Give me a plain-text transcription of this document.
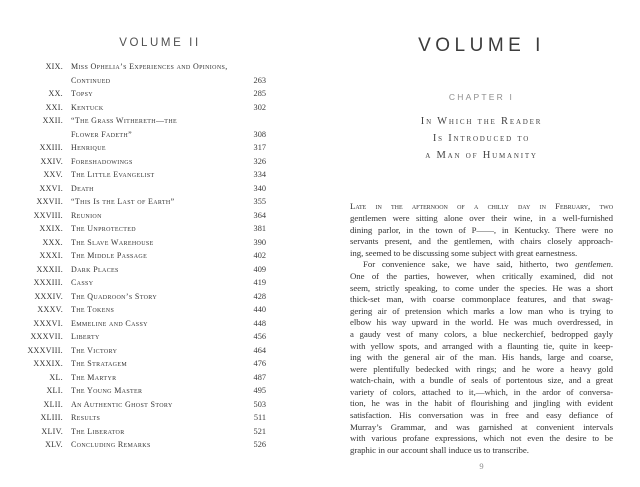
VOLUME II
XIX. Miss Ophelia’s Experiences and Opinions,
Continued	263
XX. Topsy	285
XXI. Kentuck	302
XXII. “The Grass Withereth—the
Flower Fadeth”	308
XXIII. Henrique	317
XXIV. Foreshadowings	326
XXV. The Little Evangelist	334
XXVI. Death	340
XXVII. “This Is the Last of Earth”	355
XXVIII. Reunion	364
XXIX. The Unprotected	381
XXX. The Slave Warehouse	390
XXXI. The Middle Passage	402
XXXII. Dark Places	409
XXXIII. Cassy	419
XXXIV. The Quadroon’s Story	428
XXXV. The Tokens	440
XXXVI. Emmeline and Cassy	448
XXXVII. Liberty	456
XXXVIII. The Victory	464
XXXIX. The Stratagem	476
XL. The Martyr	487
XLI. The Young Master	495
XLII. An Authentic Ghost Story	503
XLIII. Results	511
XLIV. The Liberator	521
XLV. Concluding Remarks	526
VOLUME I
CHAPTER I
In Which the Reader
Is Introduced to
a Man of Humanity
Late in the afternoon of a chilly day in February, two
gentlemen were sitting alone over their wine, in a well-furnished
dining parlor, in the town of P——, in Kentucky. There were no
servants present, and the gentlemen, with chairs closely approach-
ing, seemed to be discussing some subject with great earnestness.
For convenience sake, we have said, hitherto, two gentlemen.
One of the parties, however, when critically examined, did not
seem, strictly speaking, to come under the species. He was a short
thick-set man, with coarse commonplace features, and that swag-
gering air of pretension which marks a low man who is trying to
elbow his way upward in the world. He was much overdressed, in
a gaudy vest of many colors, a blue neckerchief, bedropped gayly
with yellow spots, and arranged with a flaunting tie, quite in keep-
ing with the general air of the man. His hands, large and coarse,
were plentifully bedecked with rings; and he wore a heavy gold
watch-chain, with a bundle of seals of portentous size, and a great
variety of colors, attached to it,—which, in the ardor of conversa-
tion, he was in the habit of flourishing and jingling with evident
satisfaction. His conversation was in free and easy defiance of
Murray’s Grammar, and was garnished at convenient intervals
with various profane expressions, which not even the desire to be
graphic in our account shall induce us to transcribe.
9
